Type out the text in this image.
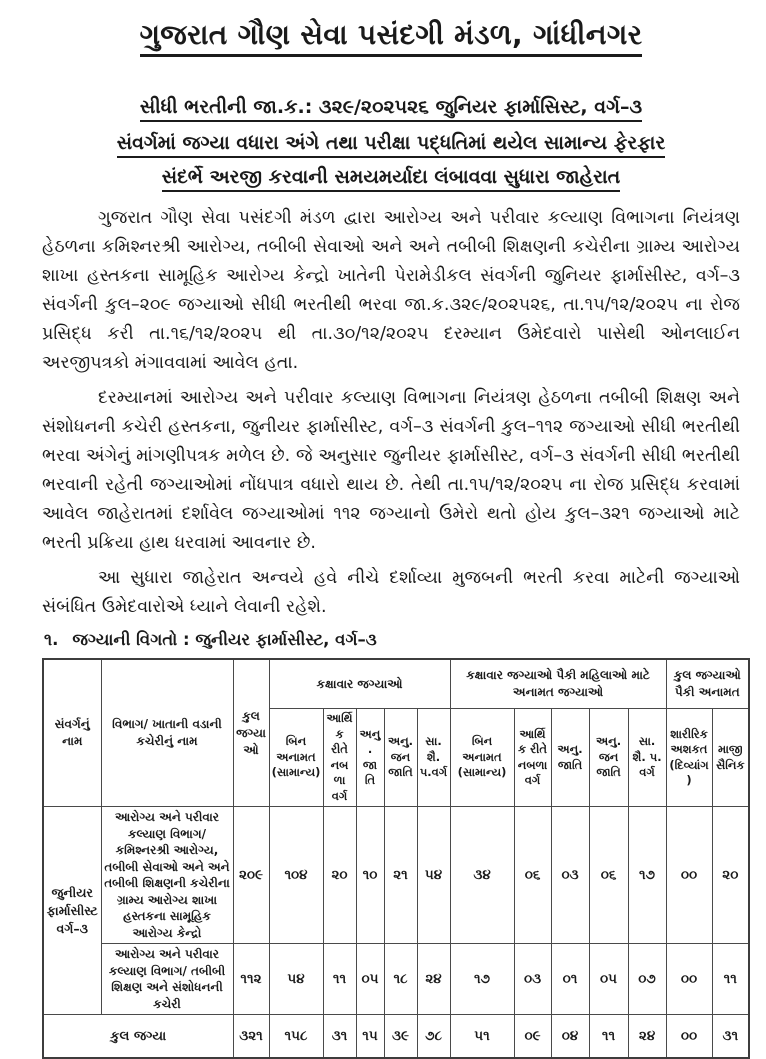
ગુજરાત ગૌણ સેવા પસંદગી મંડળ, ગાંધીનગર
સીધી ભરતીની જા.ક.: ૩૨૯/૨૦૨૫૨૬ જુનિયર ફાર્માસિસ્ટ, વર્ગ–૩
સંવર્ગમાં જગ્યા વધારા અંગે તથા પરીક્ષા પદ્ધતિમાં થયેલ સામાન્ય ફેરફાર
સંદર્ભે અરજી કરવાની સમયમર્યાદા લંબાવવા સુધારા જાહેરાત

ગુજરાત ગૌણ સેવા પસંદગી મંડળ દ્વારા આરોગ્ય અને પરીવાર કલ્યાણ વિભાગના નિયંત્રણ હેઠળના કમિશ્નરશ્રી આરોગ્ય, તબીબી સેવાઓ અને અને તબીબી શિક્ષણની કચેરીના ગ્રામ્ય આરોગ્ય શાખા હસ્તકના સામૂહિક આરોગ્ય કેન્દ્રો ખાતેની પેરામેડીકલ સંવર્ગની જુનિયર ફાર્માસીસ્ટ, વર્ગ–૩ સંવર્ગની કુલ–૨૦૯ જગ્યાઓ સીધી ભરતીથી ભરવા જા.ક.૩૨૯/૨૦૨૫૨૬, તા.૧૫/૧૨/૨૦૨૫ ના રોજ પ્રસિદ્ધ કરી તા.૧૬/૧૨/૨૦૨૫ થી તા.૩૦/૧૨/૨૦૨૫ દરમ્યાન ઉમેદવારો પાસેથી ઓનલાઈન અરજીપત્રકો મંગાવવામાં આવેલ હતા.

દરમ્યાનમાં આરોગ્ય અને પરીવાર કલ્યાણ વિભાગના નિયંત્રણ હેઠળના તબીબી શિક્ષણ અને સંશોધનની કચેરી હસ્તકના, જુનીયર ફાર્માસીસ્ટ, વર્ગ–૩ સંવર્ગની કુલ–૧૧૨ જગ્યાઓ સીધી ભરતીથી ભરવા અંગેનું માંગણીપત્રક મળેલ છે. જે અનુસાર જુનીયર ફાર્માસીસ્ટ, વર્ગ–૩ સંવર્ગની સીધી ભરતીથી ભરવાની રહેતી જગ્યાઓમાં નોંધપાત્ર વધારો થાય છે. તેથી તા.૧૫/૧૨/૨૦૨૫ ના રોજ પ્રસિદ્ધ કરવામાં આવેલ જાહેરાતમાં દર્શાવેલ જગ્યાઓમાં ૧૧૨ જગ્યાનો ઉમેરો થતો હોય કુલ–૩૨૧ જગ્યાઓ માટે ભરતી પ્રક્રિયા હાથ ધરવામાં આવનાર છે.

આ સુધારા જાહેરાત અન્વયે હવે નીચે દર્શાવ્યા મુજબની ભરતી કરવા માટેની જગ્યાઓ સંબંધિત ઉમેદવારોએ ધ્યાને લેવાની રહેશે.

૧. જગ્યાની વિગતો : જુનીયર ફાર્માસીસ્ટ, વર્ગ–૩
સંવર્ગનું નામ	વિભાગ/ ખાતાની વડાની કચેરીનું નામ	કુલ જગ્યાઓ	કક્ષાવાર જગ્યાઓ					કક્ષાવાર જગ્યાઓ પૈકી મહિલાઓ માટે અનામત જગ્યાઓ					કુલ જગ્યાઓ પૈકી અનામત	
			બિન અનામત (સામાન્ય)	આર્થિક રીતે નબળા વર્ગ	અનુ. જાતિ	અનુ. જન જાતિ	સા. શૈ. પ.વર્ગ	બિન અનામત (સામાન્ય)	આર્થિક રીતે નબળા વર્ગ	અનુ. જાતિ	અનુ. જન જાતિ	સા. શૈ. પ. વર્ગ	શારીરિક અશકત (દિવ્યાંગ)	માજી સૈનિક
જુનીયર ફાર્માસીસ્ટ વર્ગ–૩	આરોગ્ય અને પરીવાર કલ્યાણ વિભાગ/ કમિશ્નરશ્રી આરોગ્ય, તબીબી સેવાઓ અને અને તબીબી શિક્ષણની કચેરીના ગ્રામ્ય આરોગ્ય શાખા હસ્તકના સામૂહિક આરોગ્ય કેન્દ્રો	૨૦૯	૧૦૪	૨૦	૧૦	૨૧	૫૪	૩૪	૦૬	૦૩	૦૬	૧૭	૦૦	૨૦
	આરોગ્ય અને પરીવાર કલ્યાણ વિભાગ/ તબીબી શિક્ષણ અને સંશોધનની કચેરી	૧૧૨	૫૪	૧૧	૦૫	૧૮	૨૪	૧૭	૦૩	૦૧	૦૫	૦૭	૦૦	૧૧
કુલ જગ્યા		૩૨૧	૧૫૮	૩૧	૧૫	૩૯	૭૮	૫૧	૦૯	૦૪	૧૧	૨૪	૦૦	૩૧
